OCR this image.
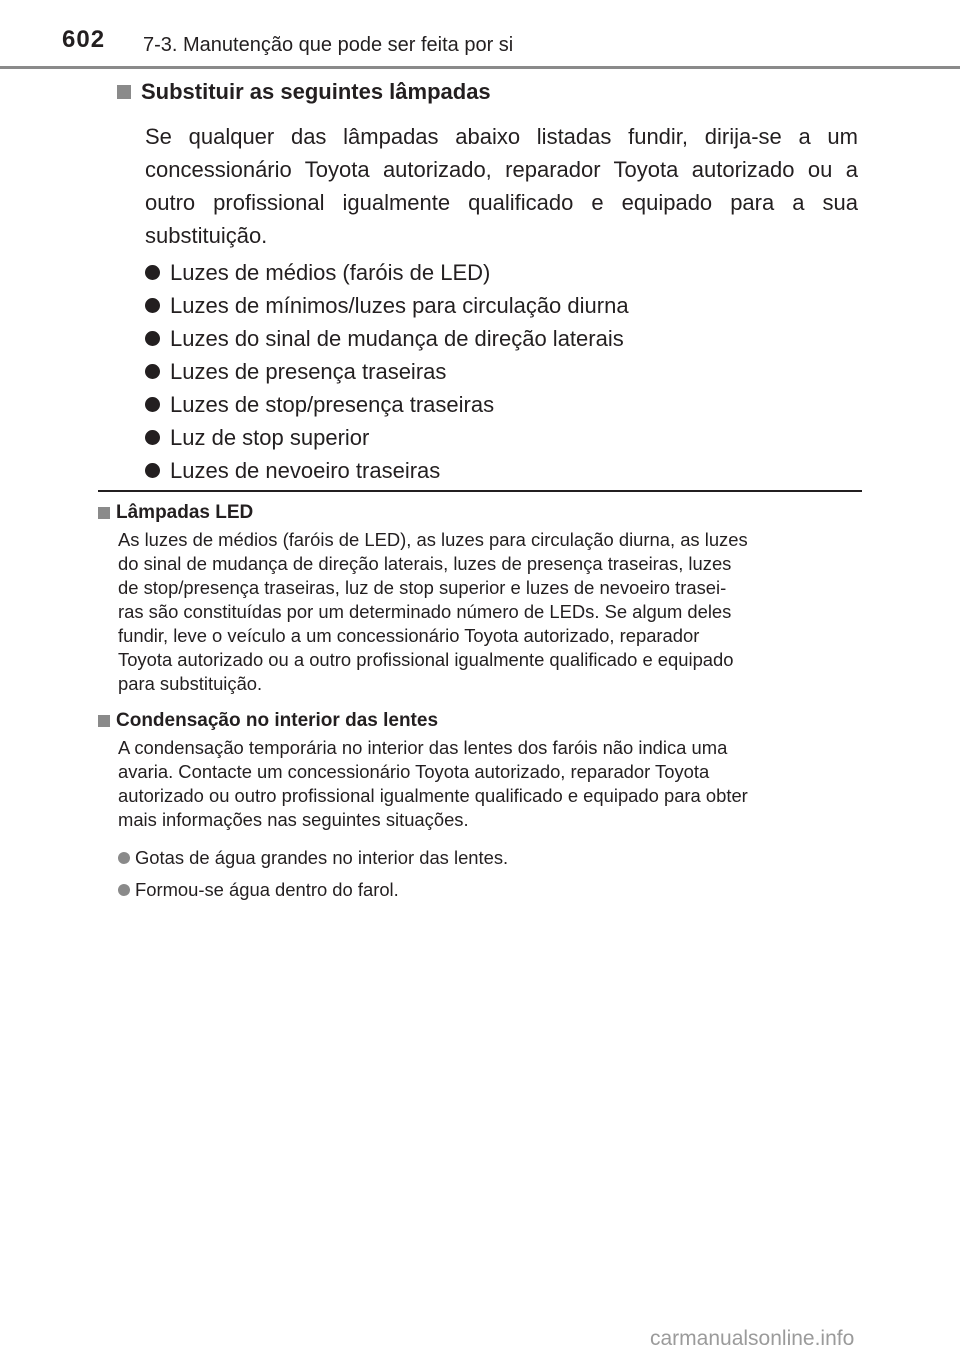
602 7-3. Manutenção que pode ser feita por si
Substituir as seguintes lâmpadas
Se qualquer das lâmpadas abaixo listadas fundir, dirija-se a um concessionário Toyota autorizado, reparador Toyota autorizado ou a outro profissional igualmente qualificado e equipado para a sua substituição.
Luzes de médios (faróis de LED)
Luzes de mínimos/luzes para circulação diurna
Luzes do sinal de mudança de direção laterais
Luzes de presença traseiras
Luzes de stop/presença traseiras
Luz de stop superior
Luzes de nevoeiro traseiras
Lâmpadas LED
As luzes de médios (faróis de LED), as luzes para circulação diurna, as luzes
do sinal de mudança de direção laterais, luzes de presença traseiras, luzes
de stop/presença traseiras, luz de stop superior e luzes de nevoeiro trasei-
ras são constituídas por um determinado número de LEDs. Se algum deles
fundir, leve o veículo a um concessionário Toyota autorizado, reparador
Toyota autorizado ou a outro profissional igualmente qualificado e equipado
para substituição.
Condensação no interior das lentes
A condensação temporária no interior das lentes dos faróis não indica uma
avaria. Contacte um concessionário Toyota autorizado, reparador Toyota
autorizado ou outro profissional igualmente qualificado e equipado para obter
mais informações nas seguintes situações.
Gotas de água grandes no interior das lentes.
Formou-se água dentro do farol.
carmanualsonline.info
